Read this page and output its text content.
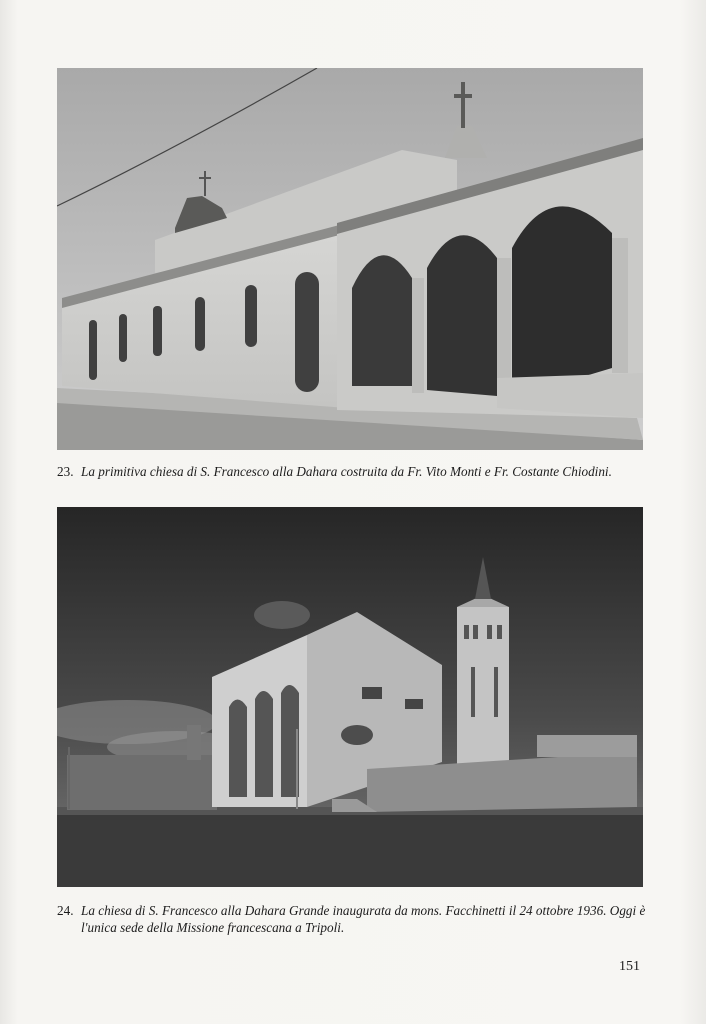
23. La primitiva chiesa di S. Francesco alla Dahara costruita da Fr. Vito Monti e Fr. Costante Chiodini.
24. La chiesa di S. Francesco alla Dahara Grande inaugurata da mons. Facchinetti il 24 ottobre 1936. Oggi è l'unica sede della Missione francescana a Tripoli.
151
